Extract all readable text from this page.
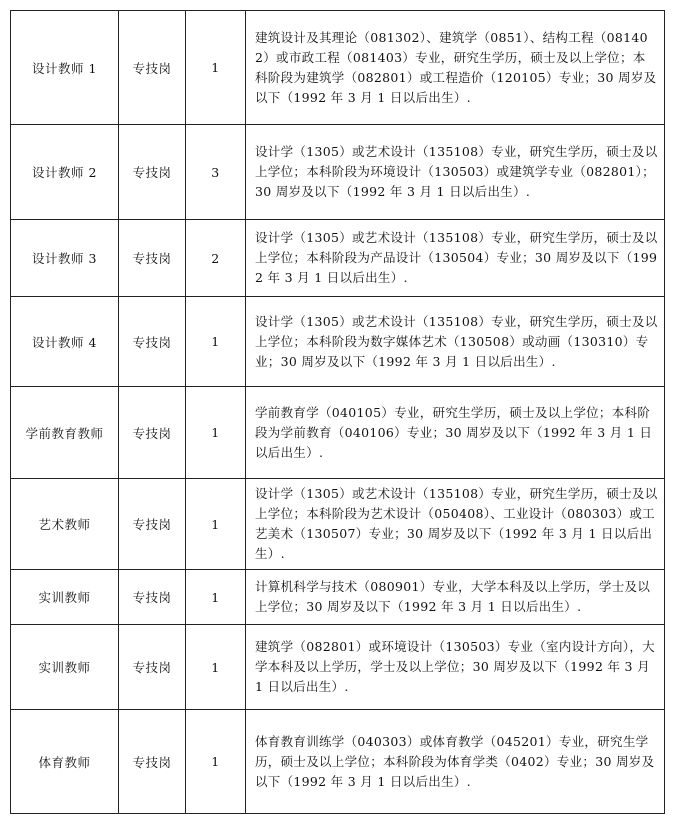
设计教师 1	专技岗	1	建筑设计及其理论（081302）、建筑学（0851）、结构工程（081402）或市政工程（081403）专业，研究生学历，硕士及以上学位；本科阶段为建筑学（082801）或工程造价（120105）专业；30 周岁及以下（1992 年 3 月 1 日以后出生）.
设计教师 2	专技岗	3	设计学（1305）或艺术设计（135108）专业，研究生学历，硕士及以上学位；本科阶段为环境设计（130503）或建筑学专业（082801）；30 周岁及以下（1992 年 3 月 1 日以后出生）.
设计教师 3	专技岗	2	设计学（1305）或艺术设计（135108）专业，研究生学历，硕士及以上学位；本科阶段为产品设计（130504）专业；30 周岁及以下（1992 年 3 月 1 日以后出生）.
设计教师 4	专技岗	1	设计学（1305）或艺术设计（135108）专业，研究生学历，硕士及以上学位；本科阶段为数字媒体艺术（130508）或动画（130310）专业；30 周岁及以下（1992 年 3 月 1 日以后出生）.
学前教育教师	专技岗	1	学前教育学（040105）专业，研究生学历，硕士及以上学位；本科阶段为学前教育（040106）专业；30 周岁及以下（1992 年 3 月 1 日以后出生）.
艺术教师	专技岗	1	设计学（1305）或艺术设计（135108）专业，研究生学历，硕士及以上学位；本科阶段为艺术设计（050408）、工业设计（080303）或工艺美术（130507）专业；30 周岁及以下（1992 年 3 月 1 日以后出生）.
实训教师	专技岗	1	计算机科学与技术（080901）专业，大学本科及以上学历，学士及以上学位；30 周岁及以下（1992 年 3 月 1 日以后出生）.
实训教师	专技岗	1	建筑学（082801）或环境设计（130503）专业（室内设计方向），大学本科及以上学历，学士及以上学位；30 周岁及以下（1992 年 3 月 1 日以后出生）.
体育教师	专技岗	1	体育教育训练学（040303）或体育教学（045201）专业，研究生学历，硕士及以上学位；本科阶段为体育学类（0402）专业；30 周岁及以下（1992 年 3 月 1 日以后出生）.
